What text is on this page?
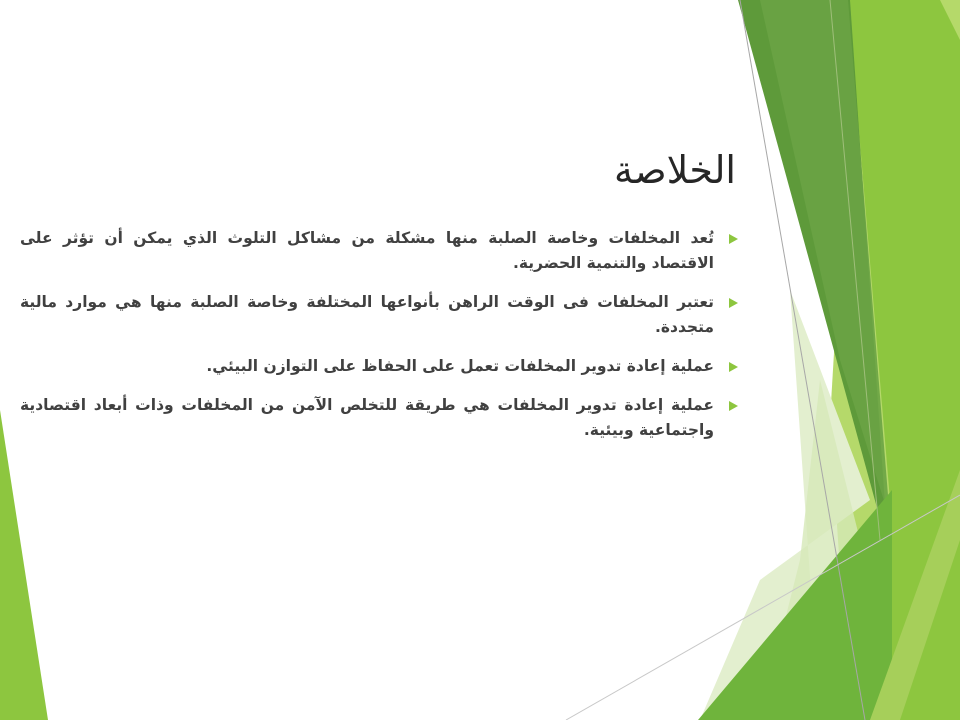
الخلاصة
تُعد المخلفات وخاصة الصلبة منها مشكلة من مشاكل التلوث الذي يمكن أن تؤثر على الاقتصاد والتنمية الحضرية.
تعتبر المخلفات فى الوقت الراهن بأنواعها المختلفة وخاصة الصلبة منها هي موارد مالية متجددة.
عملية إعادة تدوير المخلفات تعمل على الحفاظ على التوازن البيئي.
عملية إعادة تدوير المخلفات هي طريقة للتخلص الآمن من المخلفات وذات أبعاد اقتصادية واجتماعية وبيئية.
